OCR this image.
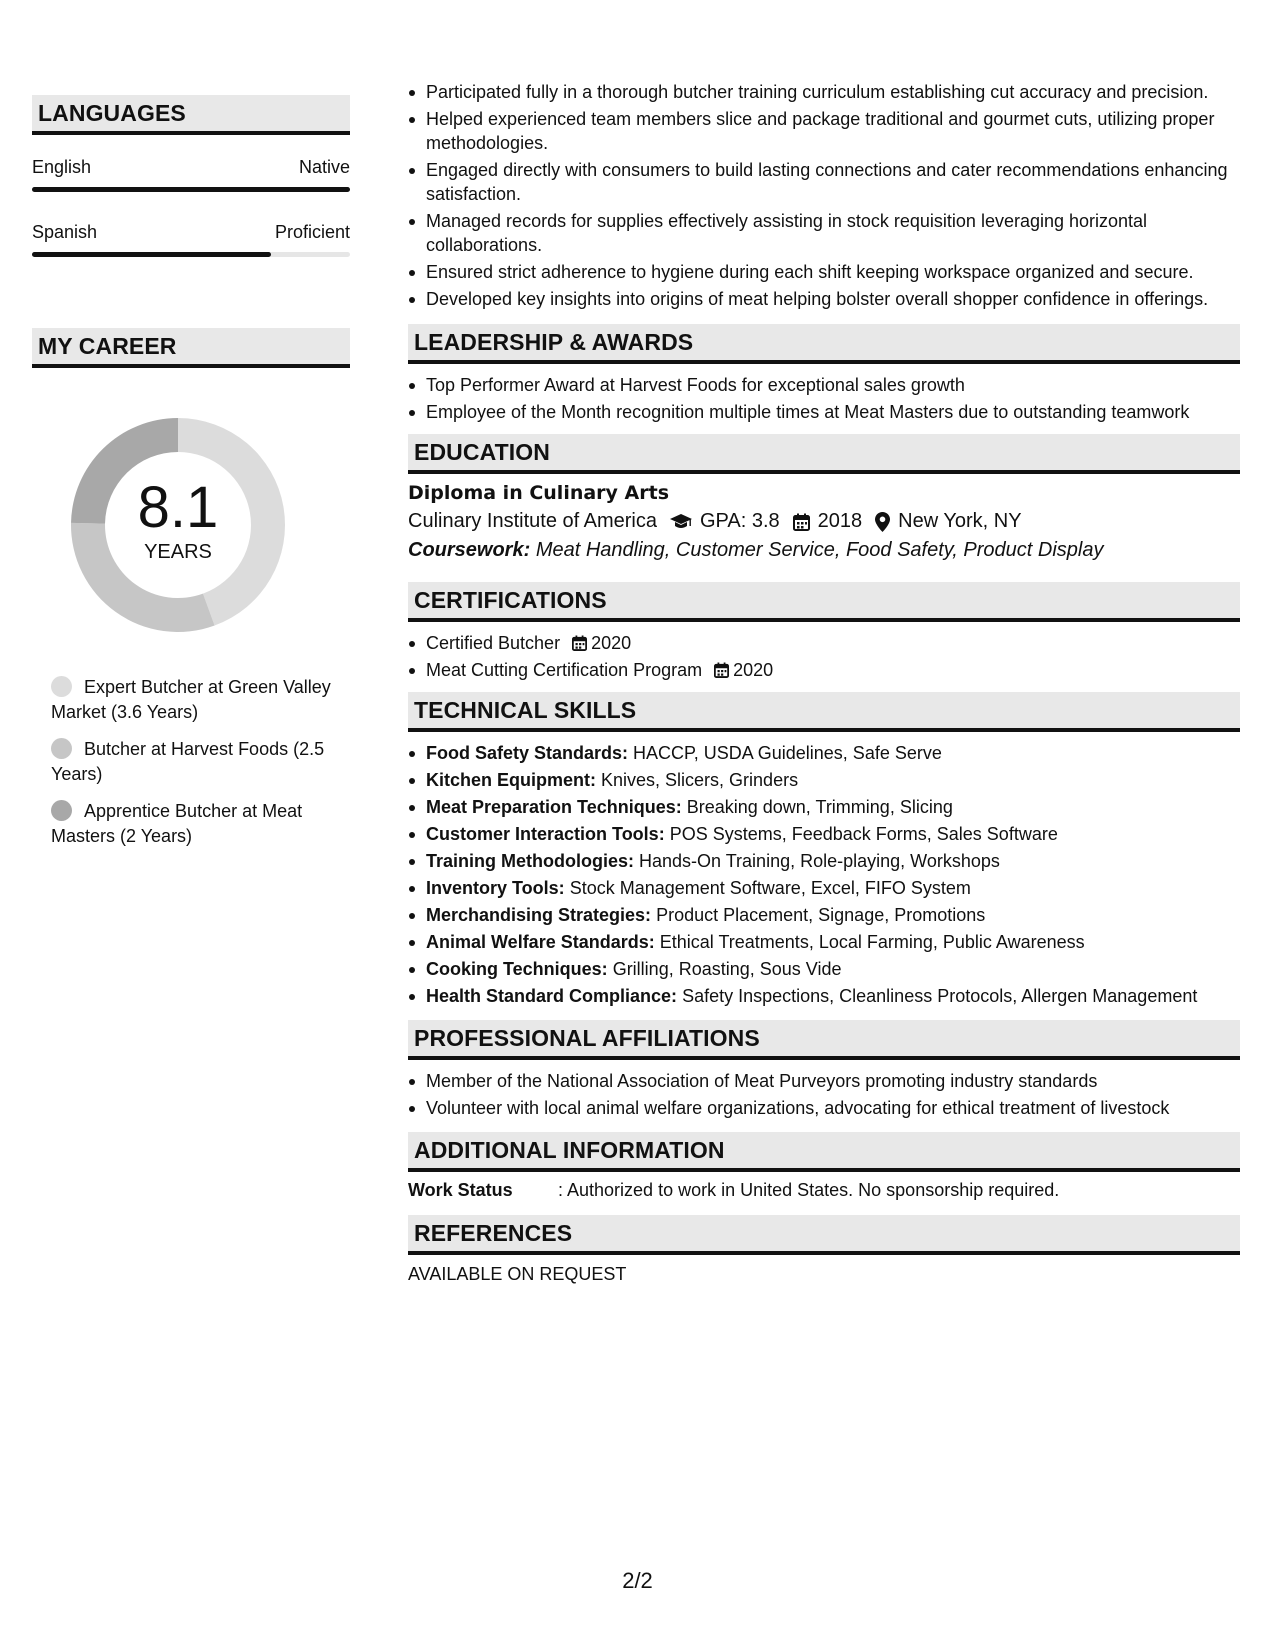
LANGUAGES
English	Native
Spanish	Proficient
MY CAREER
8.1
YEARS
Expert Butcher at Green Valley Market (3.6 Years)
Butcher at Harvest Foods (2.5 Years)
Apprentice Butcher at Meat Masters (2 Years)
Participated fully in a thorough butcher training curriculum establishing cut accuracy and precision.
Helped experienced team members slice and package traditional and gourmet cuts, utilizing proper methodologies.
Engaged directly with consumers to build lasting connections and cater recommendations enhancing satisfaction.
Managed records for supplies effectively assisting in stock requisition leveraging horizontal collaborations.
Ensured strict adherence to hygiene during each shift keeping workspace organized and secure.
Developed key insights into origins of meat helping bolster overall shopper confidence in offerings.
LEADERSHIP & AWARDS
Top Performer Award at Harvest Foods for exceptional sales growth
Employee of the Month recognition multiple times at Meat Masters due to outstanding teamwork
EDUCATION
Diploma in Culinary Arts
Culinary Institute of America GPA: 3.8 2018 New York, NY
Coursework: Meat Handling, Customer Service, Food Safety, Product Display
CERTIFICATIONS
Certified Butcher 2020
Meat Cutting Certification Program 2020
TECHNICAL SKILLS
Food Safety Standards: HACCP, USDA Guidelines, Safe Serve
Kitchen Equipment: Knives, Slicers, Grinders
Meat Preparation Techniques: Breaking down, Trimming, Slicing
Customer Interaction Tools: POS Systems, Feedback Forms, Sales Software
Training Methodologies: Hands-On Training, Role-playing, Workshops
Inventory Tools: Stock Management Software, Excel, FIFO System
Merchandising Strategies: Product Placement, Signage, Promotions
Animal Welfare Standards: Ethical Treatments, Local Farming, Public Awareness
Cooking Techniques: Grilling, Roasting, Sous Vide
Health Standard Compliance: Safety Inspections, Cleanliness Protocols, Allergen Management
PROFESSIONAL AFFILIATIONS
Member of the National Association of Meat Purveyors promoting industry standards
Volunteer with local animal welfare organizations, advocating for ethical treatment of livestock
ADDITIONAL INFORMATION
Work Status	: Authorized to work in United States. No sponsorship required.
REFERENCES
AVAILABLE ON REQUEST
2/2
